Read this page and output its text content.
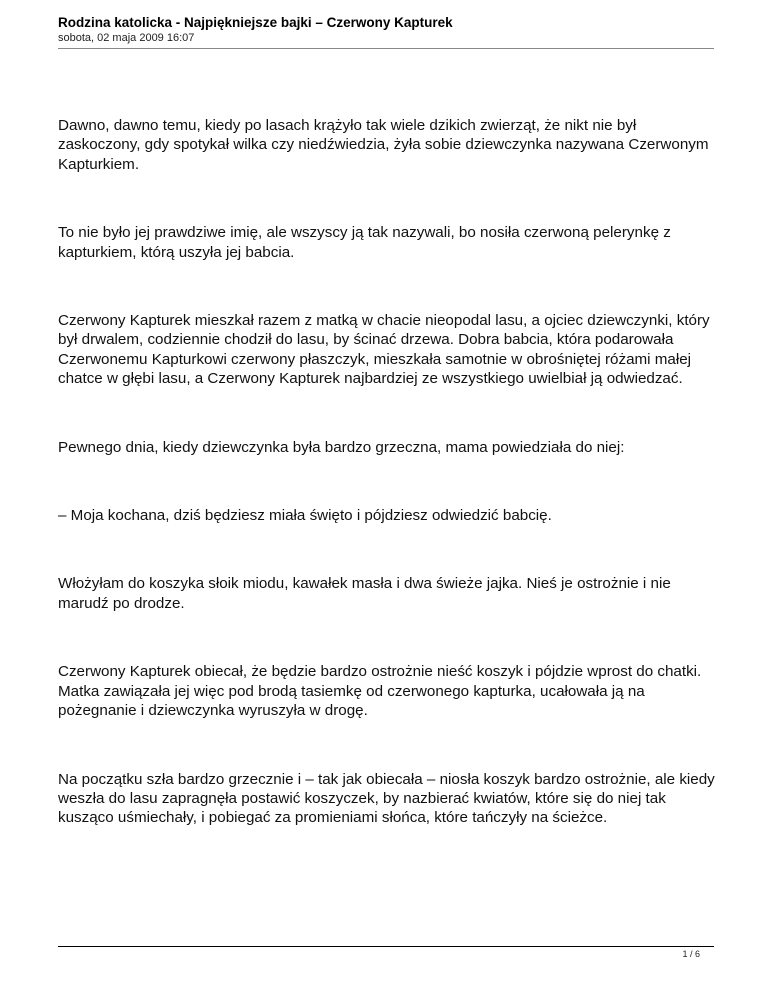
Rodzina katolicka - Najpiękniejsze bajki – Czerwony Kapturek
sobota, 02 maja 2009 16:07

Dawno, dawno temu, kiedy po lasach krążyło tak wiele dzikich zwierząt, że nikt nie był zaskoczony, gdy spotykał wilka czy niedźwiedzia, żyła sobie dziewczynka nazywana Czerwonym Kapturkiem.

To nie było jej prawdziwe imię, ale wszyscy ją tak nazywali, bo nosiła czerwoną pelerynkę z kapturkiem, którą uszyła jej babcia.

Czerwony Kapturek mieszkał razem z matką w chacie nieopodal lasu, a ojciec dziewczynki, który był drwalem, codziennie chodził do lasu, by ścinać drzewa. Dobra babcia, która podarowała Czerwonemu Kapturkowi czerwony płaszczyk, mieszkała samotnie w obrośniętej różami małej chatce w głębi lasu, a Czerwony Kapturek najbardziej ze wszystkiego uwielbiał ją odwiedzać.

Pewnego dnia, kiedy dziewczynka była bardzo grzeczna, mama powiedziała do niej:

– Moja kochana, dziś będziesz miała święto i pójdziesz odwiedzić babcię.

Włożyłam do koszyka słoik miodu, kawałek masła i dwa świeże jajka. Nieś je ostrożnie i nie marudź po drodze.

Czerwony Kapturek obiecał, że będzie bardzo ostrożnie nieść koszyk i pójdzie wprost do chatki. Matka zawiązała jej więc pod brodą tasiemkę od czerwonego kapturka, ucałowała ją na pożegnanie i dziewczynka wyruszyła w drogę.

Na początku szła bardzo grzecznie i – tak jak obiecała – niosła koszyk bardzo ostrożnie, ale kiedy weszła do lasu zapragnęła postawić koszyczek, by nazbierać kwiatów, które się do niej tak kusząco uśmiechały, i pobiegać za promieniami słońca, które tańczyły na ścieżce.

1 / 6
